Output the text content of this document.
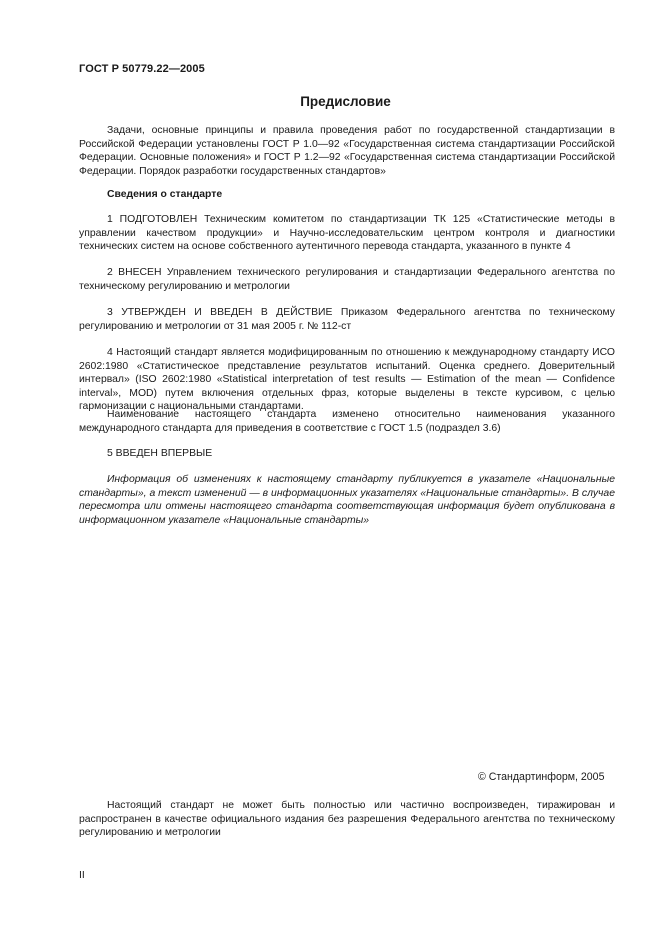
ГОСТ Р 50779.22—2005
Предисловие

Задачи, основные принципы и правила проведения работ по государственной стандартизации в Российской Федерации установлены ГОСТ Р 1.0—92 «Государственная система стандартизации Российской Федерации. Основные положения» и ГОСТ Р 1.2—92 «Государственная система стандартизации Российской Федерации. Порядок разработки государственных стандартов»

Сведения о стандарте

1 ПОДГОТОВЛЕН Техническим комитетом по стандартизации ТК 125 «Статистические методы в управлении качеством продукции» и Научно-исследовательским центром контроля и диагностики технических систем на основе собственного аутентичного перевода стандарта, указанного в пункте 4

2 ВНЕСЕН Управлением технического регулирования и стандартизации Федерального агентства по техническому регулированию и метрологии

3 УТВЕРЖДЕН И ВВЕДЕН В ДЕЙСТВИЕ Приказом Федерального агентства по техническому регулированию и метрологии от 31 мая 2005 г. № 112-ст

4 Настоящий стандарт является модифицированным по отношению к международному стандарту ИСО 2602:1980 «Статистическое представление результатов испытаний. Оценка среднего. Доверительный интервал» (ISO 2602:1980 «Statistical interpretation of test results — Estimation of the mean — Confidence interval», MOD) путем включения отдельных фраз, которые выделены в тексте курсивом, с целью гармонизации с национальными стандартами.

Наименование настоящего стандарта изменено относительно наименования указанного международного стандарта для приведения в соответствие с ГОСТ 1.5 (подраздел 3.6)

5 ВВЕДЕН ВПЕРВЫЕ

Информация об изменениях к настоящему стандарту публикуется в указателе «Национальные стандарты», а текст изменений — в информационных указателях «Национальные стандарты». В случае пересмотра или отмены настоящего стандарта соответствующая информация будет опубликована в информационном указателе «Национальные стандарты»

© Стандартинформ, 2005

Настоящий стандарт не может быть полностью или частично воспроизведен, тиражирован и распространен в качестве официального издания без разрешения Федерального агентства по техническому регулированию и метрологии

II
